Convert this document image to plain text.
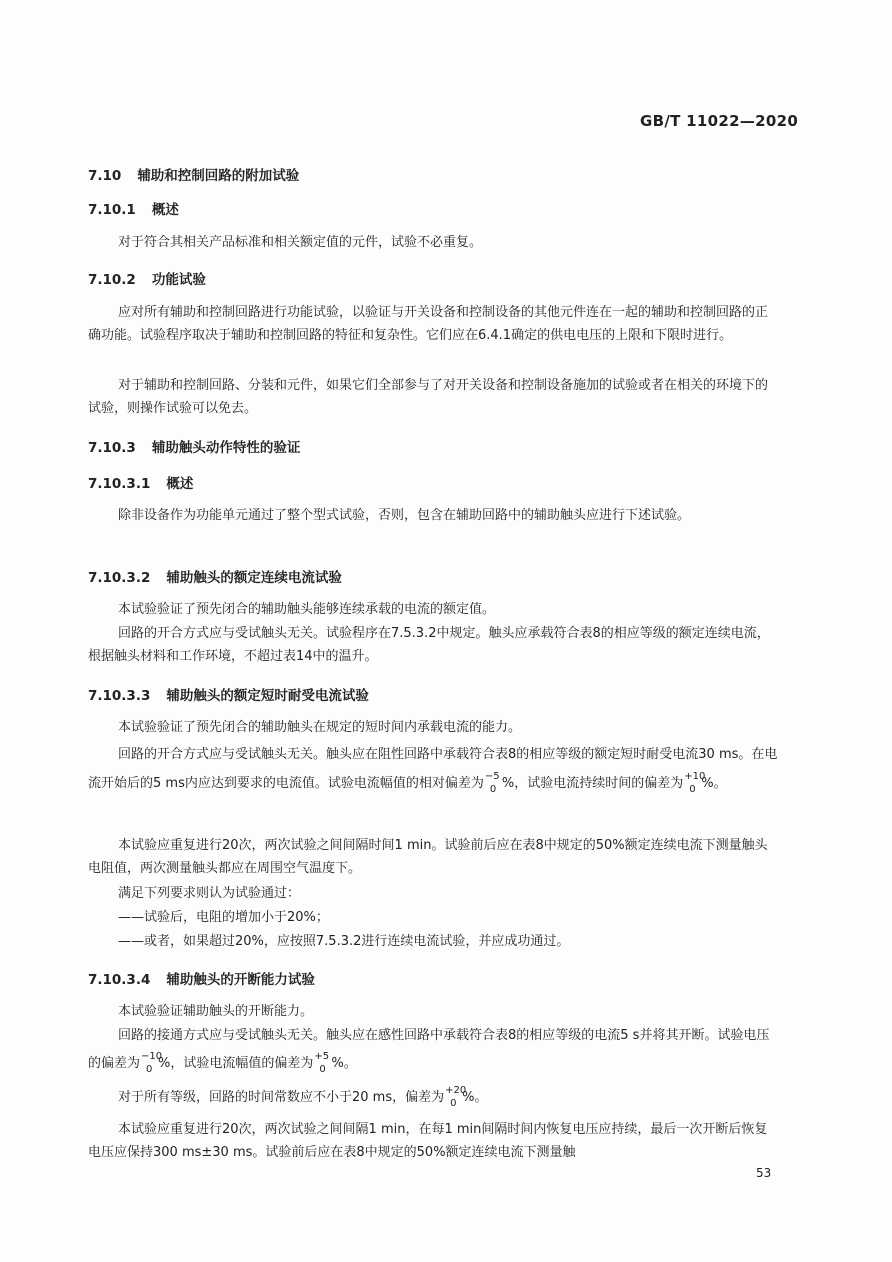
GB/T 11022—2020
7.10 辅助和控制回路的附加试验
7.10.1 概述

对于符合其相关产品标准和相关额定值的元件，试验不必重复。

7.10.2 功能试验

应对所有辅助和控制回路进行功能试验，以验证与开关设备和控制设备的其他元件连在一起的辅助和控制回路的正确功能。试验程序取决于辅助和控制回路的特征和复杂性。它们应在6.4.1确定的供电电压的上限和下限时进行。

对于辅助和控制回路、分装和元件，如果它们全部参与了对开关设备和控制设备施加的试验或者在相关的环境下的试验，则操作试验可以免去。

7.10.3 辅助触头动作特性的验证
7.10.3.1 概述

除非设备作为功能单元通过了整个型式试验，否则，包含在辅助回路中的辅助触头应进行下述试验。

7.10.3.2 辅助触头的额定连续电流试验

本试验验证了预先闭合的辅助触头能够连续承载的电流的额定值。

回路的开合方式应与受试触头无关。试验程序在7.5.3.2中规定。触头应承载符合表8的相应等级的额定连续电流，根据触头材料和工作环境，不超过表14中的温升。

7.10.3.3 辅助触头的额定短时耐受电流试验

本试验验证了预先闭合的辅助触头在规定的短时间内承载电流的能力。

回路的开合方式应与受试触头无关。触头应在阻性回路中承载符合表8的相应等级的额定短时耐受电流30 ms。在电流开始后的5 ms内应达到要求的电流值。试验电流幅值的相对偏差为 −5
0 %，试验电流持续时间的偏差为 +10
0 %。

本试验应重复进行20次，两次试验之间间隔时间1 min。试验前后应在表8中规定的50%额定连续电流下测量触头电阻值，两次测量触头都应在周围空气温度下。

满足下列要求则认为试验通过：

——试验后，电阻的增加小于20%；

——或者，如果超过20%，应按照7.5.3.2进行连续电流试验，并应成功通过。

7.10.3.4 辅助触头的开断能力试验

本试验验证辅助触头的开断能力。

回路的接通方式应与受试触头无关。触头应在感性回路中承载符合表8的相应等级的电流5 s并将其开断。试验电压的偏差为 −10
0 %，试验电流幅值的偏差为 +5
0 %。

对于所有等级，回路的时间常数应不小于20 ms，偏差为 +20
0 %。

本试验应重复进行20次，两次试验之间间隔1 min，在每1 min间隔时间内恢复电压应持续，最后一次开断后恢复电压应保持300 ms±30 ms。试验前后应在表8中规定的50%额定连续电流下测量触

53
